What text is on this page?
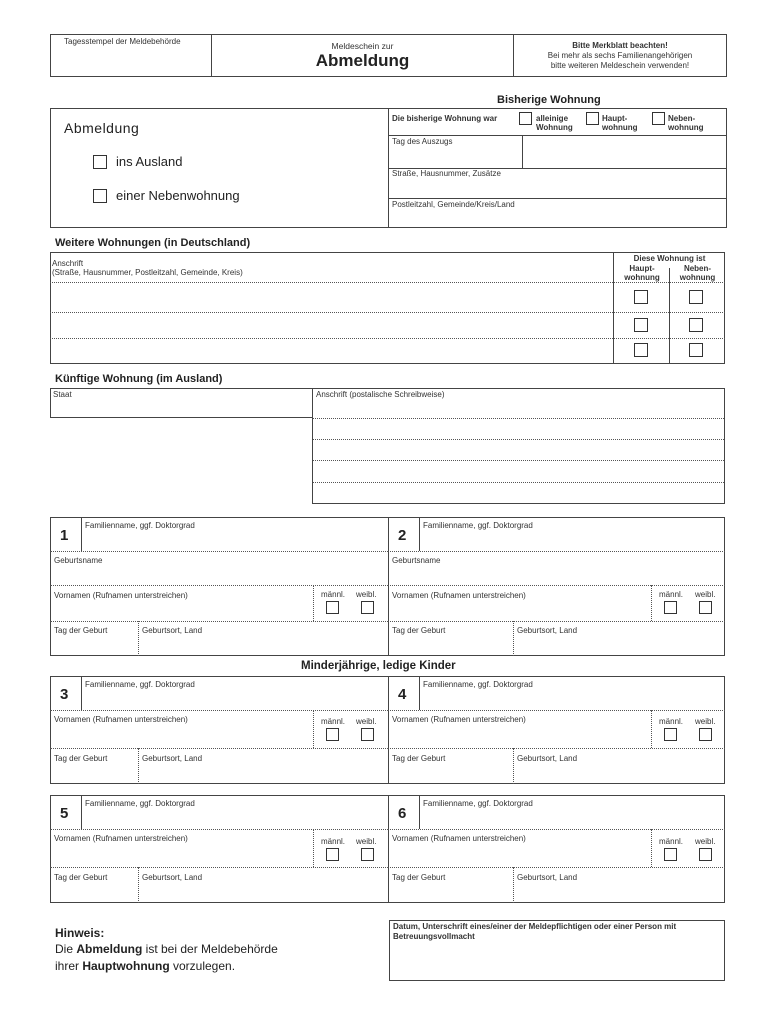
Tagesstempel der Meldebehörde	Meldeschein zur
Abmeldung
Bitte Merkblatt beachten!
Bei mehr als sechs Familienangehörigen
bitte weiteren Meldeschein verwenden!
Bisherige Wohnung
Abmeldung
ins Ausland
einer Nebenwohnung
Die bisherige Wohnung war	alleinige
Wohnung
Haupt-
wohnung
Neben-
wohnung
Tag des Auszugs
Straße, Hausnummer, Zusätze
Postleitzahl, Gemeinde/Kreis/Land
Weitere Wohnungen (in Deutschland)
Anschrift
(Straße, Hausnummer, Postleitzahl, Gemeinde, Kreis)
Diese Wohnung ist
Haupt-
wohnung
Neben-
wohnung
Künftige Wohnung (im Ausland)
Staat	Anschrift (postalische Schreibweise)
1
Familienname, ggf. Doktorgrad
Geburtsname
Vornamen (Rufnamen unterstreichen)	männl. weibl.
Tag der Geburt	Geburtsort, Land
2
Familienname, ggf. Doktorgrad
Geburtsname
Vornamen (Rufnamen unterstreichen)	männl. weibl.
Tag der Geburt	Geburtsort, Land
Minderjährige, ledige Kinder
3
Familienname, ggf. Doktorgrad
Vornamen (Rufnamen unterstreichen)	männl. weibl.
Tag der Geburt	Geburtsort, Land
4
Familienname, ggf. Doktorgrad
Vornamen (Rufnamen unterstreichen)	männl. weibl.
Tag der Geburt	Geburtsort, Land
5
Familienname, ggf. Doktorgrad
Vornamen (Rufnamen unterstreichen)	männl. weibl.
Tag der Geburt	Geburtsort, Land
6
Familienname, ggf. Doktorgrad
Vornamen (Rufnamen unterstreichen)	männl. weibl.
Tag der Geburt	Geburtsort, Land
Hinweis:
Die Abmeldung ist bei der Meldebehörde
ihrer Hauptwohnung vorzulegen.
Datum, Unterschrift eines/einer der Meldepflichtigen oder einer Person mit Betreuungsvollmacht
